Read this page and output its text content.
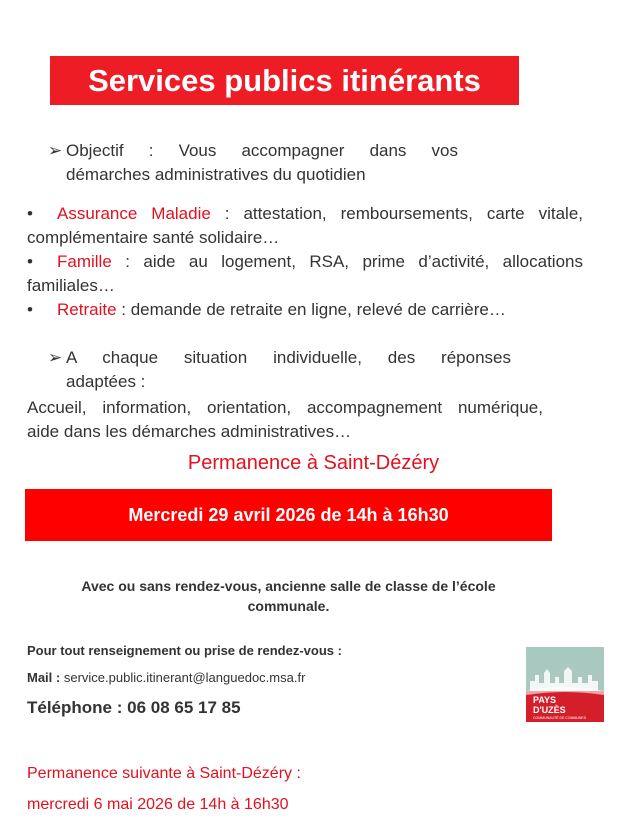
Services publics itinérants
➢ Objectif : Vous accompagner dans vos
démarches administratives du quotidien
• Assurance Maladie : attestation, remboursements, carte vitale,
complémentaire santé solidaire…
• Famille : aide au logement, RSA, prime d’activité, allocations
familiales…
• Retraite : demande de retraite en ligne, relevé de carrière…
➢ A chaque situation individuelle, des réponses
adaptées :
Accueil, information, orientation, accompagnement numérique,
aide dans les démarches administratives…
Permanence à Saint-Dézéry
Mercredi 29 avril 2026 de 14h à 16h30
Avec ou sans rendez-vous, ancienne salle de classe de l’école
communale.
Pour tout renseignement ou prise de rendez-vous :
Mail : service.public.itinerant@languedoc.msa.fr
Téléphone : 06 08 65 17 85
Permanence suivante à Saint-Dézéry :
mercredi 6 mai 2026 de 14h à 16h30
PAYS
D'UZÈS
COMMUNAUTÉ DE COMMUNES
